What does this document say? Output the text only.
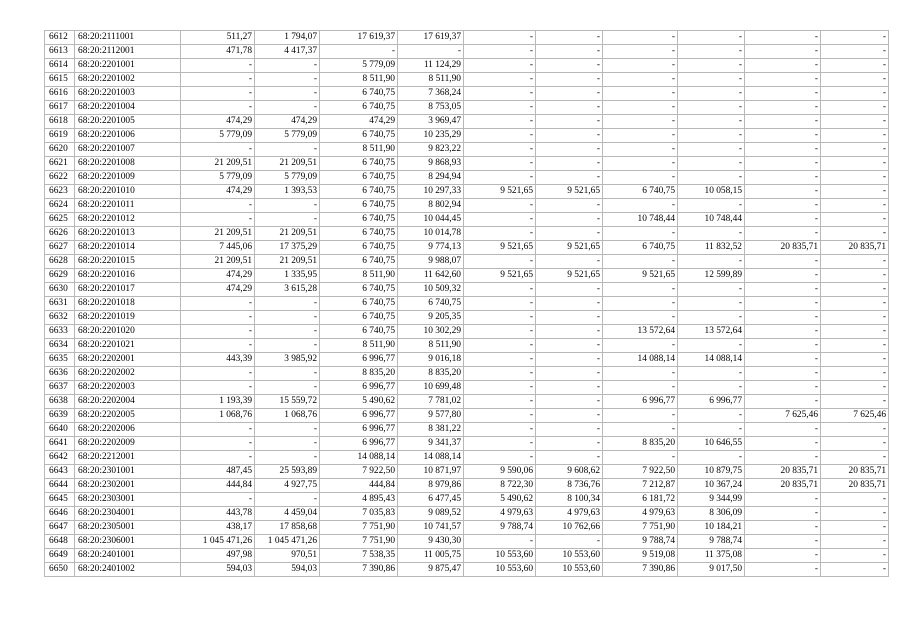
6612	68:20:2111001	511,27	1 794,07	17 619,37	17 619,37	-	-	-	-	-	-
6613	68:20:2112001	471,78	4 417,37	-	-	-	-	-	-	-	-
6614	68:20:2201001	-	-	5 779,09	11 124,29	-	-	-	-	-	-
6615	68:20:2201002	-	-	8 511,90	8 511,90	-	-	-	-	-	-
6616	68:20:2201003	-	-	6 740,75	7 368,24	-	-	-	-	-	-
6617	68:20:2201004	-	-	6 740,75	8 753,05	-	-	-	-	-	-
6618	68:20:2201005	474,29	474,29	474,29	3 969,47	-	-	-	-	-	-
6619	68:20:2201006	5 779,09	5 779,09	6 740,75	10 235,29	-	-	-	-	-	-
6620	68:20:2201007	-	-	8 511,90	9 823,22	-	-	-	-	-	-
6621	68:20:2201008	21 209,51	21 209,51	6 740,75	9 868,93	-	-	-	-	-	-
6622	68:20:2201009	5 779,09	5 779,09	6 740,75	8 294,94	-	-	-	-	-	-
6623	68:20:2201010	474,29	1 393,53	6 740,75	10 297,33	9 521,65	9 521,65	6 740,75	10 058,15	-	-
6624	68:20:2201011	-	-	6 740,75	8 802,94	-	-	-	-	-	-
6625	68:20:2201012	-	-	6 740,75	10 044,45	-	-	10 748,44	10 748,44	-	-
6626	68:20:2201013	21 209,51	21 209,51	6 740,75	10 014,78	-	-	-	-	-	-
6627	68:20:2201014	7 445,06	17 375,29	6 740,75	9 774,13	9 521,65	9 521,65	6 740,75	11 832,52	20 835,71	20 835,71
6628	68:20:2201015	21 209,51	21 209,51	6 740,75	9 988,07	-	-	-	-	-	-
6629	68:20:2201016	474,29	1 335,95	8 511,90	11 642,60	9 521,65	9 521,65	9 521,65	12 599,89	-	-
6630	68:20:2201017	474,29	3 615,28	6 740,75	10 509,32	-	-	-	-	-	-
6631	68:20:2201018	-	-	6 740,75	6 740,75	-	-	-	-	-	-
6632	68:20:2201019	-	-	6 740,75	9 205,35	-	-	-	-	-	-
6633	68:20:2201020	-	-	6 740,75	10 302,29	-	-	13 572,64	13 572,64	-	-
6634	68:20:2201021	-	-	8 511,90	8 511,90	-	-	-	-	-	-
6635	68:20:2202001	443,39	3 985,92	6 996,77	9 016,18	-	-	14 088,14	14 088,14	-	-
6636	68:20:2202002	-	-	8 835,20	8 835,20	-	-	-	-	-	-
6637	68:20:2202003	-	-	6 996,77	10 699,48	-	-	-	-	-	-
6638	68:20:2202004	1 193,39	15 559,72	5 490,62	7 781,02	-	-	6 996,77	6 996,77	-	-
6639	68:20:2202005	1 068,76	1 068,76	6 996,77	9 577,80	-	-	-	-	7 625,46	7 625,46
6640	68:20:2202006	-	-	6 996,77	8 381,22	-	-	-	-	-	-
6641	68:20:2202009	-	-	6 996,77	9 341,37	-	-	8 835,20	10 646,55	-	-
6642	68:20:2212001	-	-	14 088,14	14 088,14	-	-	-	-	-	-
6643	68:20:2301001	487,45	25 593,89	7 922,50	10 871,97	9 590,06	9 608,62	7 922,50	10 879,75	20 835,71	20 835,71
6644	68:20:2302001	444,84	4 927,75	444,84	8 979,86	8 722,30	8 736,76	7 212,87	10 367,24	20 835,71	20 835,71
6645	68:20:2303001	-	-	4 895,43	6 477,45	5 490,62	8 100,34	6 181,72	9 344,99	-	-
6646	68:20:2304001	443,78	4 459,04	7 035,83	9 089,52	4 979,63	4 979,63	4 979,63	8 306,09	-	-
6647	68:20:2305001	438,17	17 858,68	7 751,90	10 741,57	9 788,74	10 762,66	7 751,90	10 184,21	-	-
6648	68:20:2306001	1 045 471,26	1 045 471,26	7 751,90	9 430,30	-	-	9 788,74	9 788,74	-	-
6649	68:20:2401001	497,98	970,51	7 538,35	11 005,75	10 553,60	10 553,60	9 519,08	11 375,08	-	-
6650	68:20:2401002	594,03	594,03	7 390,86	9 875,47	10 553,60	10 553,60	7 390,86	9 017,50	-	-
